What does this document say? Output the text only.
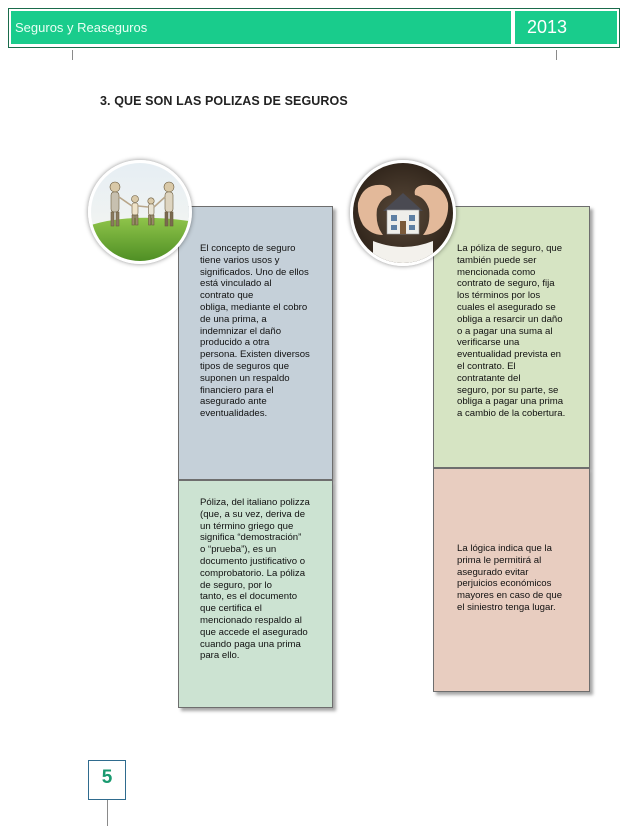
Seguros y Reaseguros	2013
3. QUE SON LAS POLIZAS DE SEGUROS
El concepto de seguro
tiene varios usos y
significados. Uno de ellos
está vinculado al
contrato que
obliga, mediante el cobro
de una prima, a
indemnizar el daño
producido a otra
persona. Existen diversos
tipos de seguros que
suponen un respaldo
financiero para el
asegurado ante
eventualidades.
Póliza, del italiano polizza
(que, a su vez, deriva de
un término griego que
significa “demostración”
o “prueba”), es un
documento justificativo o
comprobatorio. La póliza
de seguro, por lo
tanto, es el documento
que certifica el
mencionado respaldo al
que accede el asegurado
cuando paga una prima
para ello.
La póliza de seguro, que
también puede ser
mencionada como
contrato de seguro, fija
los términos por los
cuales el asegurado se
obliga a resarcir un daño
o a pagar una suma al
verificarse una
eventualidad prevista en
el contrato. El
contratante del
seguro, por su parte, se
obliga a pagar una prima
a cambio de la cobertura.
La lógica indica que la
prima le permitirá al
asegurado evitar
perjuicios económicos
mayores en caso de que
el siniestro tenga lugar.
5
